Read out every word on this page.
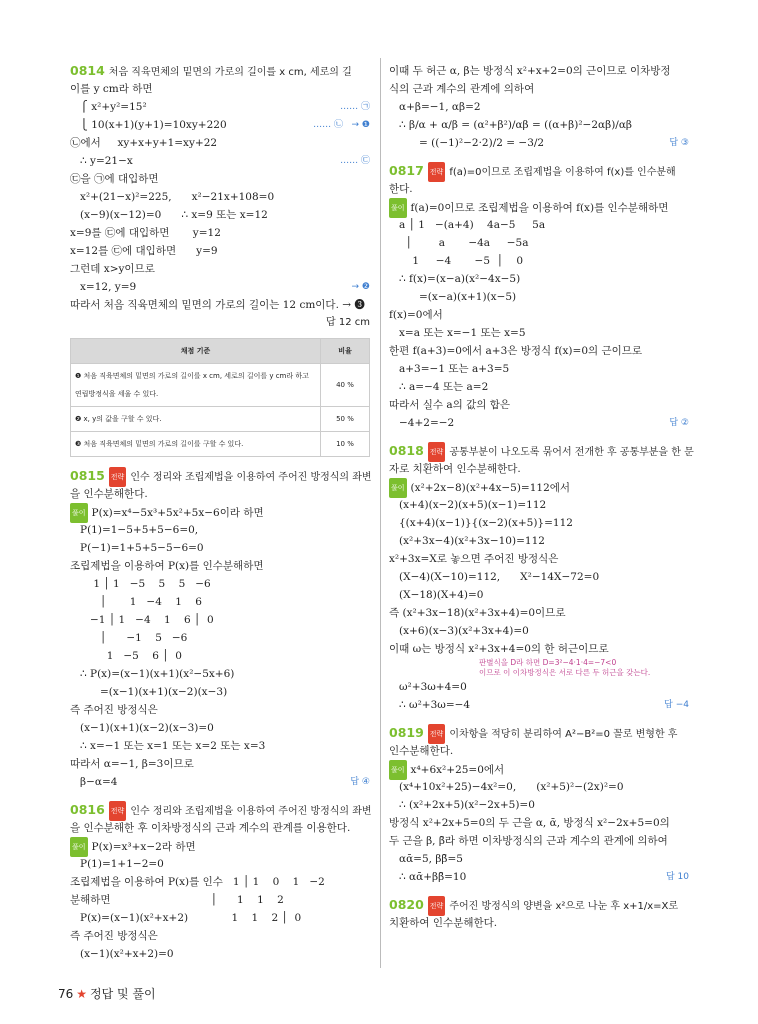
0814 처음 직육면체의 밑면의 가로의 길이를 x cm, 세로의 길
이를 y cm라 하면
⎧ x²+y²=15²	…… ㉠
⎩ 10(x+1)(y+1)=10xy+220	…… ㉡   → ❶
㉡에서     xy+x+y+1=xy+22
∴ y=21−x	…… ㉢
㉢을 ㉠에 대입하면
x²+(21−x)²=225,      x²−21x+108=0
(x−9)(x−12)=0      ∴ x=9 또는 x=12
x=9를 ㉢에 대입하면       y=12
x=12를 ㉢에 대입하면      y=9
그런데 x>y이므로
x=12, y=9	→ ❷
따라서 처음 직육면체의 밑면의 가로의 길이는 12 cm이다. → ❸
답 12 cm
채점 기준	비율
❶ 처음 직육면체의 밑면의 가로의 길이를 x cm, 세로의 길이를 y cm라 하고 연립방정식을 세울 수 있다.	40 %
❷ x, y의 값을 구할 수 있다.	50 %
❸ 처음 직육면체의 밑면의 가로의 길이를 구할 수 있다.	10 %
0815 전략 인수 정리와 조립제법을 이용하여 주어진 방정식의 좌변
을 인수분해한다.
풀이 P(x)=x⁴−5x³+5x²+5x−6이라 하면
P(1)=1−5+5+5−6=0,
P(−1)=1+5+5−5−6=0
조립제법을 이용하여 P(x)를 인수분해하면
1 │ 1   −5    5    5   −6
│       1   −4    1    6
−1 │ 1   −4    1    6 │  0
│      −1    5   −6
1   −5    6 │  0
∴ P(x)=(x−1)(x+1)(x²−5x+6)
=(x−1)(x+1)(x−2)(x−3)
즉 주어진 방정식은
(x−1)(x+1)(x−2)(x−3)=0
∴ x=−1 또는 x=1 또는 x=2 또는 x=3
따라서 α=−1, β=3이므로
β−α=4	답 ④
0816 전략 인수 정리와 조립제법을 이용하여 주어진 방정식의 좌변
을 인수분해한 후 이차방정식의 근과 계수의 관계를 이용한다.
풀이 P(x)=x³+x−2라 하면
P(1)=1+1−2=0
조립제법을 이용하여 P(x)를 인수   1 │ 1    0    1   −2
분해하면                              │      1    1    2
P(x)=(x−1)(x²+x+2)             1    1    2 │  0
즉 주어진 방정식은
(x−1)(x²+x+2)=0
이때 두 허근 α, β는 방정식 x²+x+2=0의 근이므로 이차방정
식의 근과 계수의 관계에 의하여
α+β=−1, αβ=2
∴ β/α + α/β = (α²+β²)/αβ = ((α+β)²−2αβ)/αβ
= ((−1)²−2·2)/2 = −3/2	답 ③
0817 전략 f(a)=0이므로 조립제법을 이용하여 f(x)를 인수분해
한다.
풀이 f(a)=0이므로 조립제법을 이용하여 f(x)를 인수분해하면
a │ 1   −(a+4)    4a−5     5a
│        a       −4a     −5a
1     −4       −5  │    0
∴ f(x)=(x−a)(x²−4x−5)
=(x−a)(x+1)(x−5)
f(x)=0에서
x=a 또는 x=−1 또는 x=5
한편 f(a+3)=0에서 a+3은 방정식 f(x)=0의 근이므로
a+3=−1 또는 a+3=5
∴ a=−4 또는 a=2
따라서 실수 a의 값의 합은
−4+2=−2	답 ②
0818 전략 공통부분이 나오도록 묶어서 전개한 후 공통부분을 한 문
자로 치환하여 인수분해한다.
풀이 (x²+2x−8)(x²+4x−5)=112에서
(x+4)(x−2)(x+5)(x−1)=112
{(x+4)(x−1)}{(x−2)(x+5)}=112
(x²+3x−4)(x²+3x−10)=112
x²+3x=X로 놓으면 주어진 방정식은
(X−4)(X−10)=112,      X²−14X−72=0
(X−18)(X+4)=0
즉 (x²+3x−18)(x²+3x+4)=0이므로
(x+6)(x−3)(x²+3x+4)=0
이때 ω는 방정식 x²+3x+4=0의 한 허근이므로
판별식을 D라 하면 D=3²−4·1·4=−7<0
이므로 이 이차방정식은 서로 다른 두 허근을 갖는다.
ω²+3ω+4=0
∴ ω²+3ω=−4	답 −4
0819 전략 이차항을 적당히 분리하여 A²−B²=0 꼴로 변형한 후
인수분해한다.
풀이 x⁴+6x²+25=0에서
(x⁴+10x²+25)−4x²=0,      (x²+5)²−(2x)²=0
∴ (x²+2x+5)(x²−2x+5)=0
방정식 x²+2x+5=0의 두 근을 α, ᾱ, 방정식 x²−2x+5=0의
두 근을 β, β̄라 하면 이차방정식의 근과 계수의 관계에 의하여
αᾱ=5, ββ̄=5
∴ αᾱ+ββ̄=10	답 10
0820 전략 주어진 방정식의 양변을 x²으로 나눈 후 x+1/x=X로
치환하여 인수분해한다.
76 ★ 정답 및 풀이
